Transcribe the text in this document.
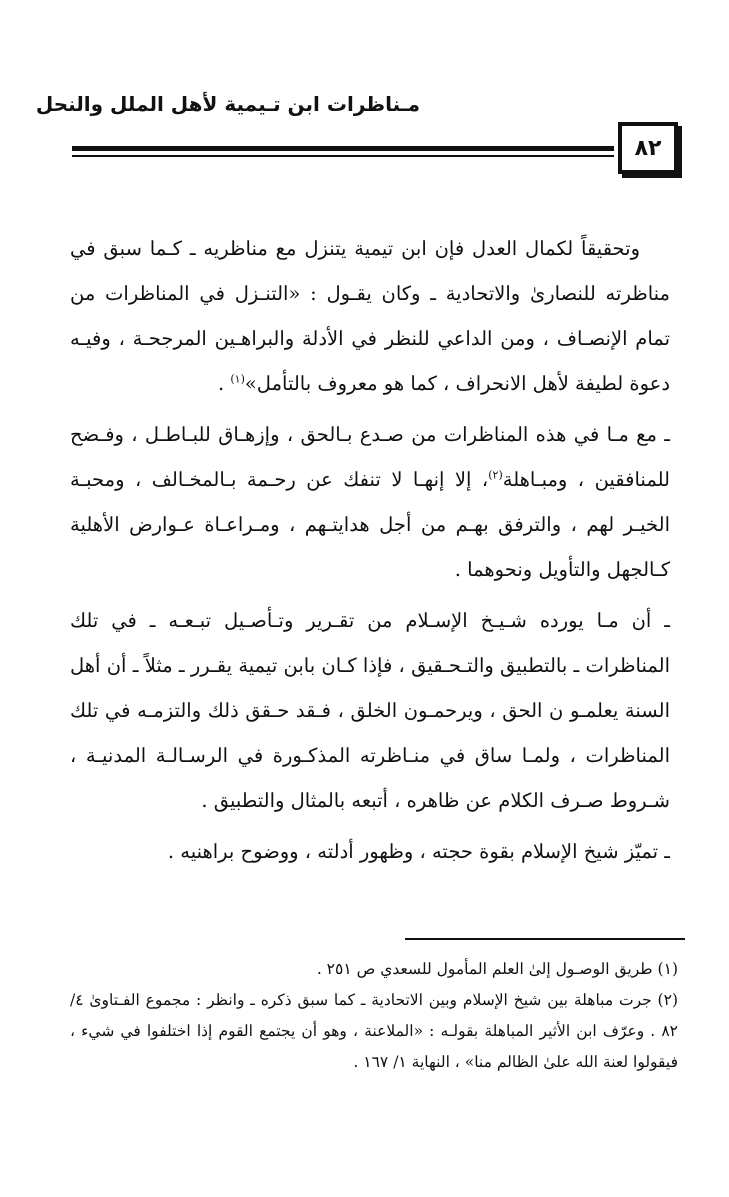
مـناظرات ابن تـيمية لأهل الملل والنحل
٨٢

وتحقيقاً لكمال العدل فإن ابن تيمية يتنزل مع مناظريه ـ كـما سبق في مناظرته للنصارىٰ والاتحادية ـ وكان يقـول : «التنـزل في المناظرات من تمام الإنصـاف ، ومن الداعي للنظر في الأدلة والبراهـين المرجحـة ، وفيـه دعوة لطيفة لأهل الانحراف ، كما هو معروف بالتأمل»$^{(١)}$ .

ـ مع مـا في هذه المناظرات من صـدع بـالحق ، وإزهـاق للبـاطـل ، وفـضح للمنافقين ، ومبـاهلة$^{(٢)}$، إلا إنهـا لا تنفك عن رحـمة بـالمخـالف ، ومحبـة الخيـر لهم ، والترفق بهـم من أجل هدايتـهم ، ومـراعـاة عـوارض الأهلية كـالجهل والتأويل ونحوهما .

ـ أن مـا يورده شـيـخ الإسـلام من تقـرير وتـأصـيل تبـعـه ـ في تلك المناظرات ـ بالتطبيق والتـحـقيق ، فإذا كـان بابن تيمية يقـرر ـ مثلاً ـ أن أهل السنة يعلمـو ن الحق ، ويرحمـون الخلق ، فـقد حـقق ذلك والتزمـه في تلك المناظرات ، ولمـا ساق في منـاظرته المذكـورة في الرسـالـة المدنيـة ، شـروط صـرف الكلام عن ظاهره ، أتبعه بالمثال والتطبيق .

ـ تميّز شيخ الإسلام بقوة حجته ، وظهور أدلته ، ووضوح براهنيه .

(١) طريق الوصـول إلىٰ العلم المأمول للسعدي ص ٢٥١ .

(٢) جرت مباهلة بين شيخ الإسلام وبين الاتحادية ـ كما سبق ذكره ـ وانظر : مجموع الفـتاوىٰ ٤/ ٨٢ . وعرّف ابن الأثير المباهلة بقولـه : «الملاعنة ، وهو أن يجتمع القوم إذا اختلفوا في شيء ، فيقولوا لعنة الله علىٰ الظالم منا» ، النهاية ١/ ١٦٧ .
